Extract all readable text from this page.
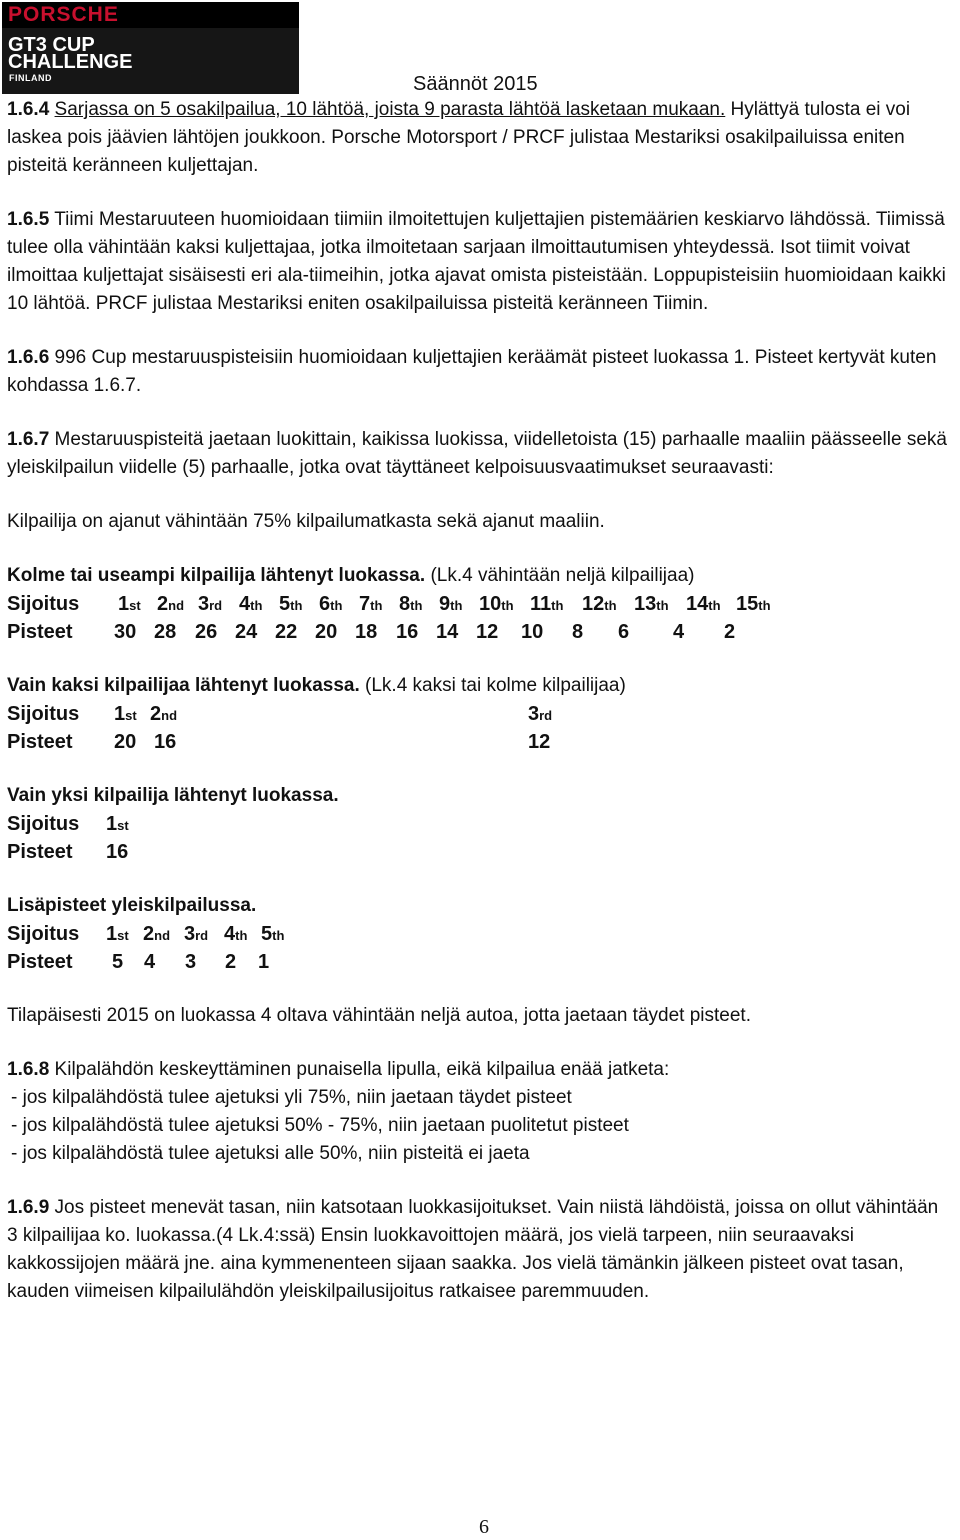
PORSCHE
GT3 CUP
CHALLENGE
FINLAND	Säännöt 2015

1.6.4 Sarjassa on 5 osakilpailua, 10 lähtöä, joista 9 parasta lähtöä lasketaan mukaan. Hylättyä tulosta ei voi laskea pois jäävien lähtöjen joukkoon. Porsche Motorsport / PRCF julistaa Mestariksi osakilpailuissa eniten pisteitä keränneen kuljettajan.

1.6.5 Tiimi Mestaruuteen huomioidaan tiimiin ilmoitettujen kuljettajien pistemäärien keskiarvo lähdössä. Tiimissä tulee olla vähintään kaksi kuljettajaa, jotka ilmoitetaan sarjaan ilmoittautumisen yhteydessä. Isot tiimit voivat ilmoittaa kuljettajat sisäisesti eri ala-tiimeihin, jotka ajavat omista pisteistään. Loppupisteisiin huomioidaan kaikki 10 lähtöä. PRCF julistaa Mestariksi eniten osakilpailuissa pisteitä keränneen Tiimin.

1.6.6 996 Cup mestaruuspisteisiin huomioidaan kuljettajien keräämät pisteet luokassa 1. Pisteet kertyvät kuten kohdassa 1.6.7.

1.6.7 Mestaruuspisteitä jaetaan luokittain, kaikissa luokissa, viidelletoista (15) parhaalle maaliin päässeelle sekä yleiskilpailun viidelle (5) parhaalle, jotka ovat täyttäneet kelpoisuusvaatimukset seuraavasti:

Kilpailija on ajanut vähintään 75% kilpailumatkasta sekä ajanut maaliin.

Kolme tai useampi kilpailija lähtenyt luokassa. (Lk.4 vähintään neljä kilpailijaa)

Sijoitus 1st 2nd 3rd 4th 5th 6th 7th 8th 9th 10th 11th 12th 13th 14th 15th
Pisteet 30 28 26 24 22 20 18 16 14 12 10 8 6 4 2

Vain kaksi kilpailijaa lähtenyt luokassa. (Lk.4 kaksi tai kolme kilpailijaa)

Sijoitus 1st 2nd	3rd
Pisteet 20 16	12

Vain yksi kilpailija lähtenyt luokassa.

Sijoitus 1st
Pisteet 16

Lisäpisteet yleiskilpailussa.

Sijoitus 1st 2nd 3rd 4th 5th
Pisteet 5 4 3 2 1

Tilapäisesti 2015 on luokassa 4 oltava vähintään neljä autoa, jotta jaetaan täydet pisteet.

1.6.8 Kilpalähdön keskeyttäminen punaisella lipulla, eikä kilpailua enää jatketa:

- jos kilpalähdöstä tulee ajetuksi yli 75%, niin jaetaan täydet pisteet

- jos kilpalähdöstä tulee ajetuksi 50% - 75%, niin jaetaan puolitetut pisteet

- jos kilpalähdöstä tulee ajetuksi alle 50%, niin pisteitä ei jaeta

1.6.9 Jos pisteet menevät tasan, niin katsotaan luokkasijoitukset. Vain niistä lähdöistä, joissa on ollut vähintään 3 kilpailijaa ko. luokassa.(4 Lk.4:ssä) Ensin luokkavoittojen määrä, jos vielä tarpeen, niin seuraavaksi kakkossijojen määrä jne. aina kymmenenteen sijaan saakka. Jos vielä tämänkin jälkeen pisteet ovat tasan, kauden viimeisen kilpailulähdön yleiskilpailusijoitus ratkaisee paremmuuden.

6
